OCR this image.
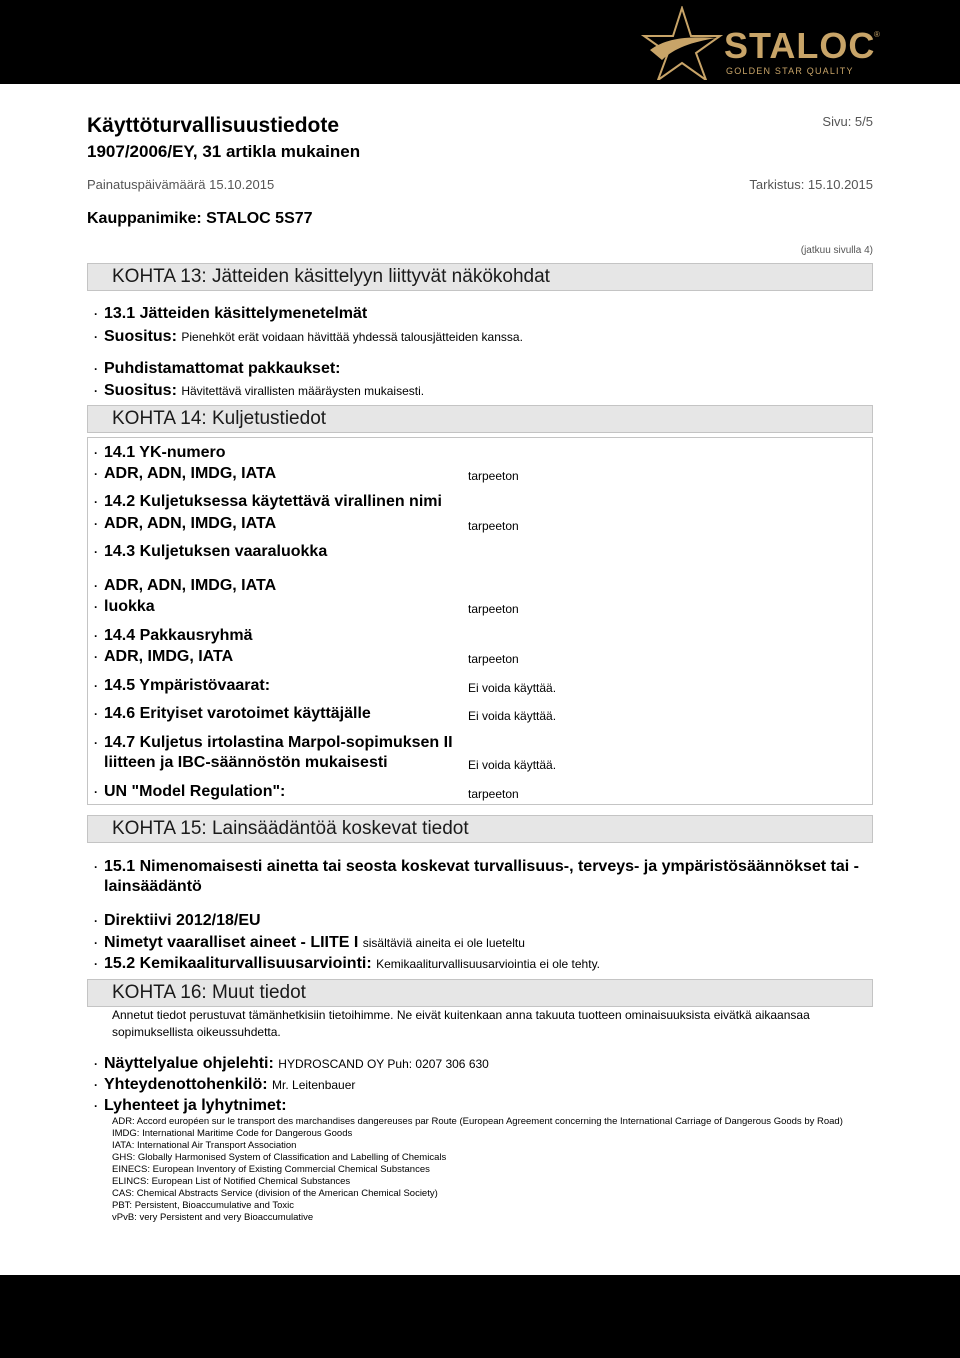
STALOC
®
GOLDEN STAR QUALITY
Käyttöturvallisuustiedote
1907/2006/EY, 31 artikla mukainen
Sivu: 5/5
Painatuspäivämäärä 15.10.2015	Tarkistus: 15.10.2015
Kauppanimike: STALOC 5S77
(jatkuu sivulla 4)
KOHTA 13: Jätteiden käsittelyyn liittyvät näkökohdat
· 13.1 Jätteiden käsittelymenetelmät
· Suositus: Pienehköt erät voidaan hävittää yhdessä talousjätteiden kanssa.
· Puhdistamattomat pakkaukset:
· Suositus: Hävitettävä virallisten määräysten mukaisesti.
KOHTA 14: Kuljetustiedot
· 14.1 YK-numero
· ADR, ADN, IMDG, IATA	tarpeeton
· 14.2 Kuljetuksessa käytettävä virallinen nimi
· ADR, ADN, IMDG, IATA	tarpeeton
· 14.3 Kuljetuksen vaaraluokka
· ADR, ADN, IMDG, IATA
· luokka	tarpeeton
· 14.4 Pakkausryhmä
· ADR, IMDG, IATA	tarpeeton
· 14.5 Ympäristövaarat:	Ei voida käyttää.
· 14.6 Erityiset varotoimet käyttäjälle	Ei voida käyttää.
· 14.7 Kuljetus irtolastina Marpol-sopimuksen II
liitteen ja IBC-säännöstön mukaisesti	Ei voida käyttää.
· UN "Model Regulation":	tarpeeton
KOHTA 15: Lainsäädäntöä koskevat tiedot
· 15.1 Nimenomaisesti ainetta tai seosta koskevat turvallisuus-, terveys- ja ympäristösäännökset tai -
lainsäädäntö
· Direktiivi 2012/18/EU
· Nimetyt vaaralliset aineet - LIITE I sisältäviä aineita ei ole lueteltu
· 15.2 Kemikaaliturvallisuusarviointi: Kemikaaliturvallisuusarviointia ei ole tehty.
KOHTA 16: Muut tiedot
Annetut tiedot perustuvat tämänhetkisiin tietoihimme. Ne eivät kuitenkaan anna takuuta tuotteen ominaisuuksista eivätkä aikaansaa sopimuksellista oikeussuhdetta.
· Näyttelyalue ohjelehti: HYDROSCAND OY Puh: 0207 306 630
· Yhteydenottohenkilö: Mr. Leitenbauer
· Lyhenteet ja lyhytnimet:
ADR: Accord européen sur le transport des marchandises dangereuses par Route (European Agreement concerning the International Carriage of Dangerous Goods by Road)
IMDG: International Maritime Code for Dangerous Goods
IATA: International Air Transport Association
GHS: Globally Harmonised System of Classification and Labelling of Chemicals
EINECS: European Inventory of Existing Commercial Chemical Substances
ELINCS: European List of Notified Chemical Substances
CAS: Chemical Abstracts Service (division of the American Chemical Society)
PBT: Persistent, Bioaccumulative and Toxic
vPvB: very Persistent and very Bioaccumulative
